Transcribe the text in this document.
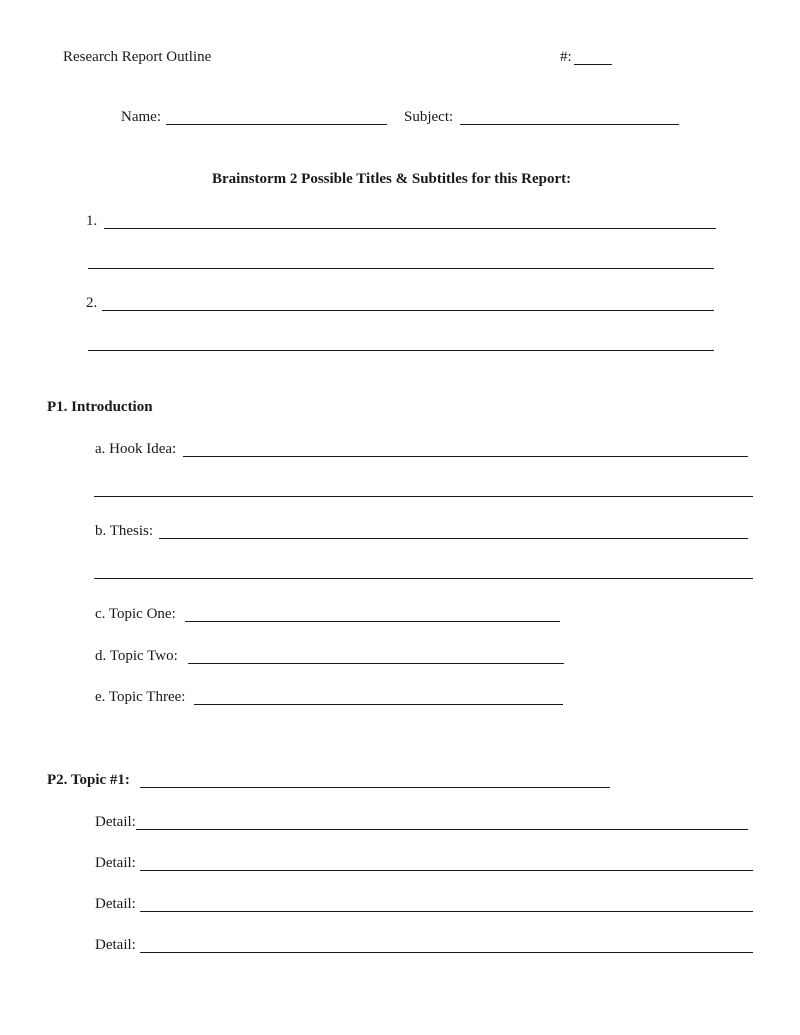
Research Report Outline	#:
Name:	Subject:
Brainstorm 2 Possible Titles & Subtitles for this Report:
1.
2.
P1. Introduction
a. Hook Idea:
b. Thesis:
c. Topic One:
d. Topic Two:
e. Topic Three:
P2. Topic #1:
Detail:
Detail:
Detail:
Detail:
